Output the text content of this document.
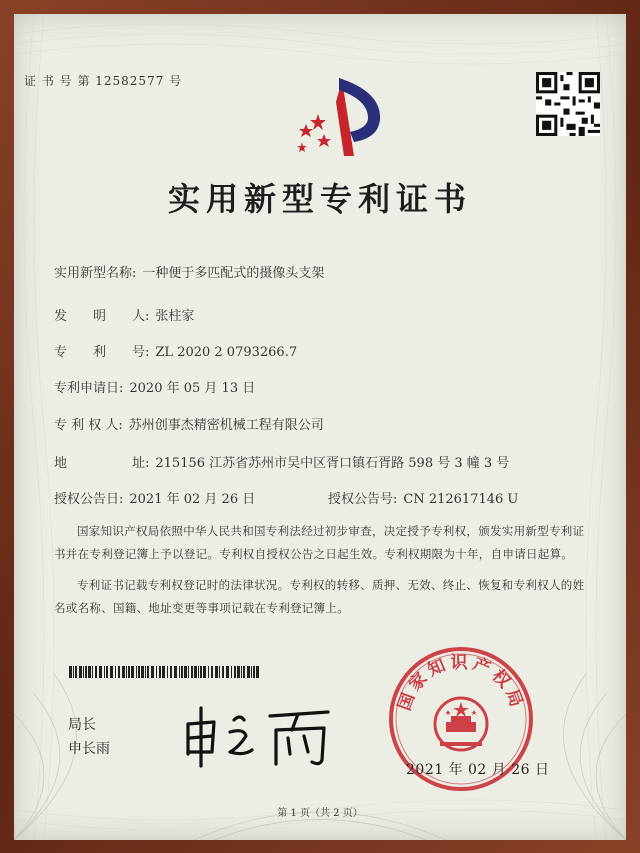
证 书 号 第 12582577 号
实用新型专利证书
实用新型名称: 一种便于多匹配式的摄像头支架
发　　明　　人: 张柱家
专　　利　　号: ZL 2020 2 0793266.7
专利申请日: 2020 年 05 月 13 日
专 利 权 人: 苏州创事杰精密机械工程有限公司
地　　　　　址: 215156 江苏省苏州市吴中区胥口镇石胥路 598 号 3 幢 3 号
授权公告日: 2021 年 02 月 26 日	授权公告号: CN 212617146 U
国家知识产权局依照中华人民共和国专利法经过初步审查，决定授予专利权，颁发实用新型专利证书并在专利登记簿上予以登记。专利权自授权公告之日起生效。专利权期限为十年，自申请日起算。
专利证书记载专利权登记时的法律状况。专利权的转移、质押、无效、终止、恢复和专利权人的姓名或名称、国籍、地址变更等事项记载在专利登记簿上。
局长
申长雨
国家知识产权局
2021 年 02 月 26 日
第 1 页（共 2 页）
